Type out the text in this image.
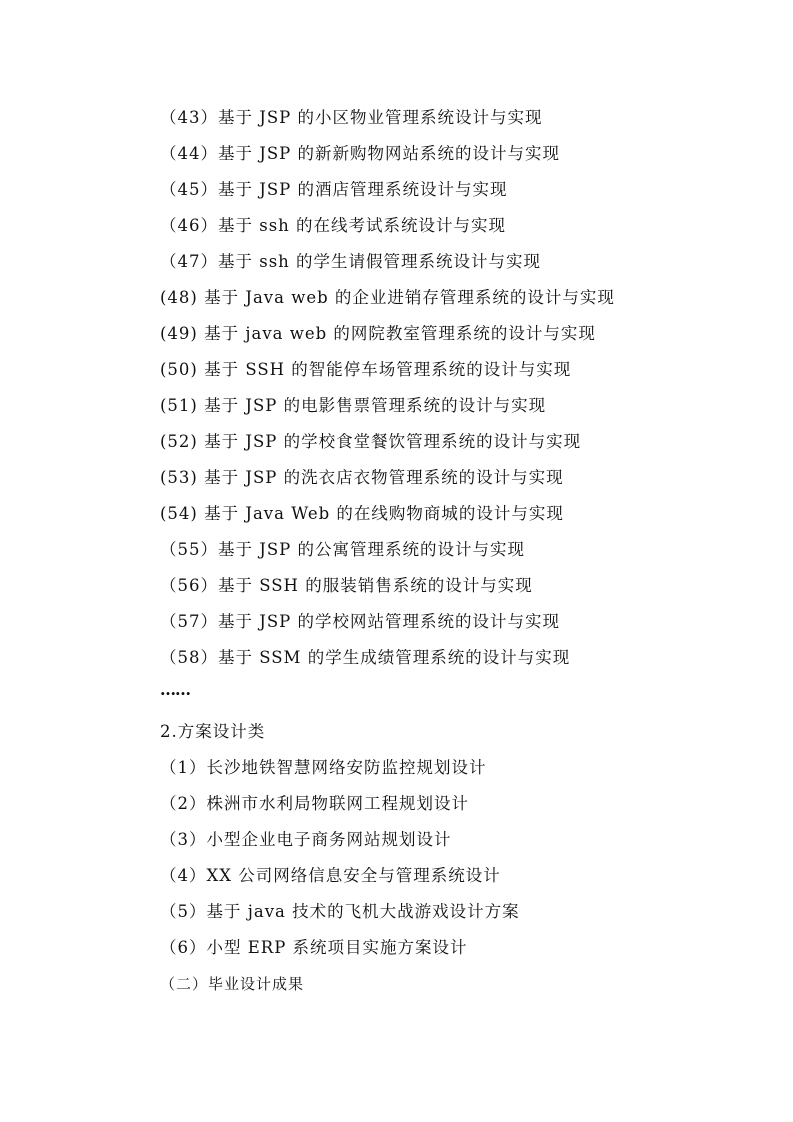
（43）基于 JSP 的小区物业管理系统设计与实现
（44）基于 JSP 的新新购物网站系统的设计与实现
（45）基于 JSP 的酒店管理系统设计与实现
（46）基于 ssh 的在线考试系统设计与实现
（47）基于 ssh 的学生请假管理系统设计与实现
(48) 基于 Java web 的企业进销存管理系统的设计与实现
(49) 基于 java web 的网院教室管理系统的设计与实现
(50) 基于 SSH 的智能停车场管理系统的设计与实现
(51) 基于 JSP 的电影售票管理系统的设计与实现
(52) 基于 JSP 的学校食堂餐饮管理系统的设计与实现
(53) 基于 JSP 的洗衣店衣物管理系统的设计与实现
(54) 基于 Java Web 的在线购物商城的设计与实现
（55）基于 JSP 的公寓管理系统的设计与实现
（56）基于 SSH 的服装销售系统的设计与实现
（57）基于 JSP 的学校网站管理系统的设计与实现
（58）基于 SSM 的学生成绩管理系统的设计与实现
……
2.方案设计类
（1）长沙地铁智慧网络安防监控规划设计
（2）株洲市水利局物联网工程规划设计
（3）小型企业电子商务网站规划设计
（4）XX 公司网络信息安全与管理系统设计
（5）基于 java 技术的飞机大战游戏设计方案
（6）小型 ERP 系统项目实施方案设计
（二）毕业设计成果
